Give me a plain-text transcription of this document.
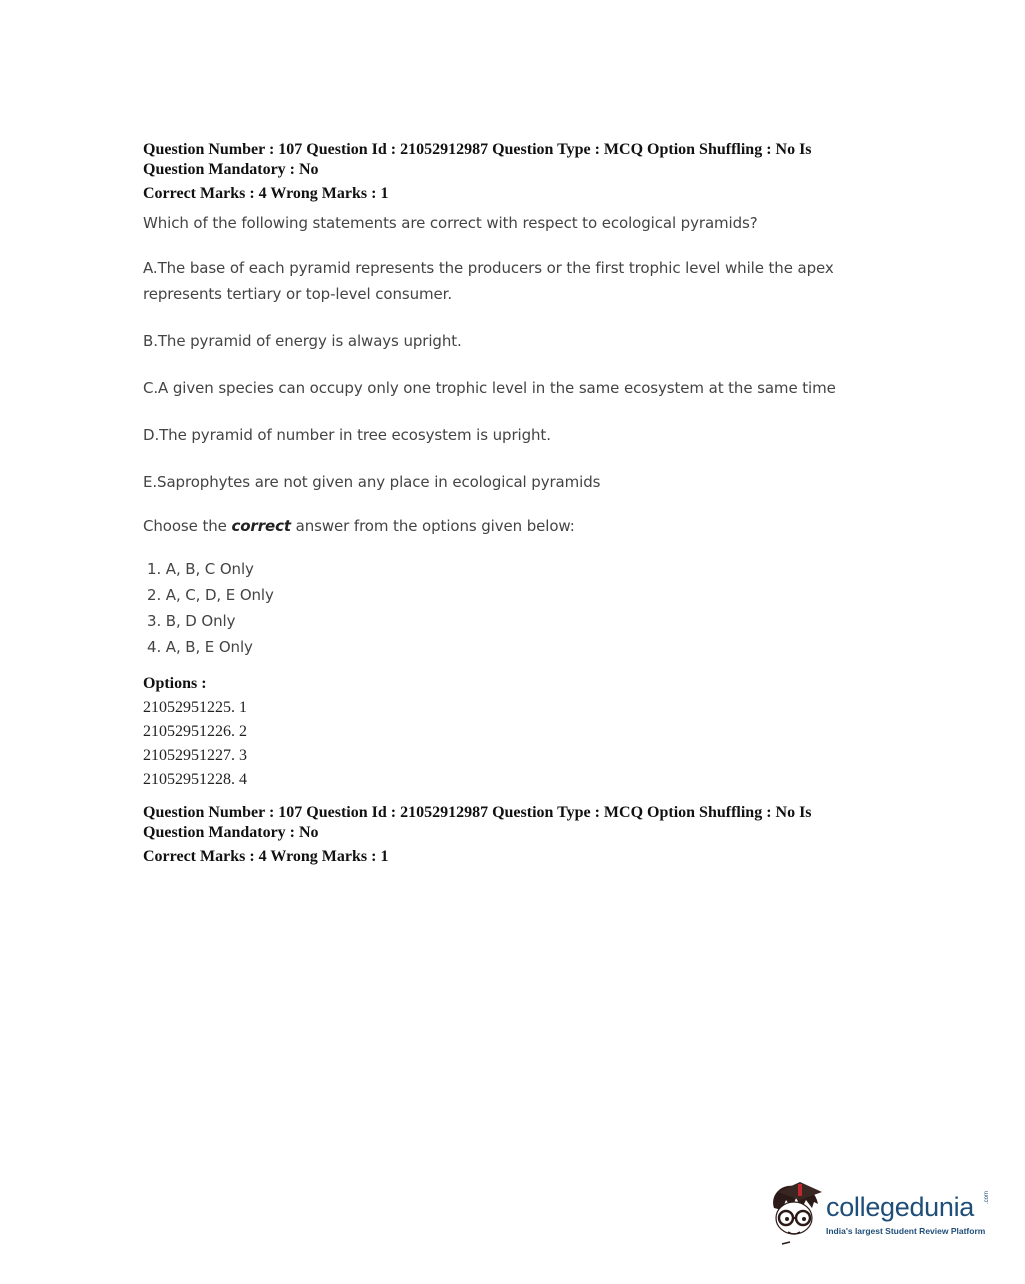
Question Number : 107 Question Id : 21052912987 Question Type : MCQ Option Shuffling : No Is

Question Mandatory : No

Correct Marks : 4 Wrong Marks : 1

Which of the following statements are correct with respect to ecological pyramids?
A.The base of each pyramid represents the producers or the first trophic level while the apex
represents tertiary or top-level consumer.
B.The pyramid of energy is always upright.
C.A given species can occupy only one trophic level in the same ecosystem at the same time
D.The pyramid of number in tree ecosystem is upright.
E.Saprophytes are not given any place in ecological pyramids
Choose the correct answer from the options given below:
1. A, B, C Only
2. A, C, D, E Only
3. B, D Only
4. A, B, E Only
Options :
21052951225. 1
21052951226. 2
21052951227. 3
21052951228. 4

Question Number : 107 Question Id : 21052912987 Question Type : MCQ Option Shuffling : No Is

Question Mandatory : No

Correct Marks : 4 Wrong Marks : 1

collegedunia .com
India's largest Student Review Platform
